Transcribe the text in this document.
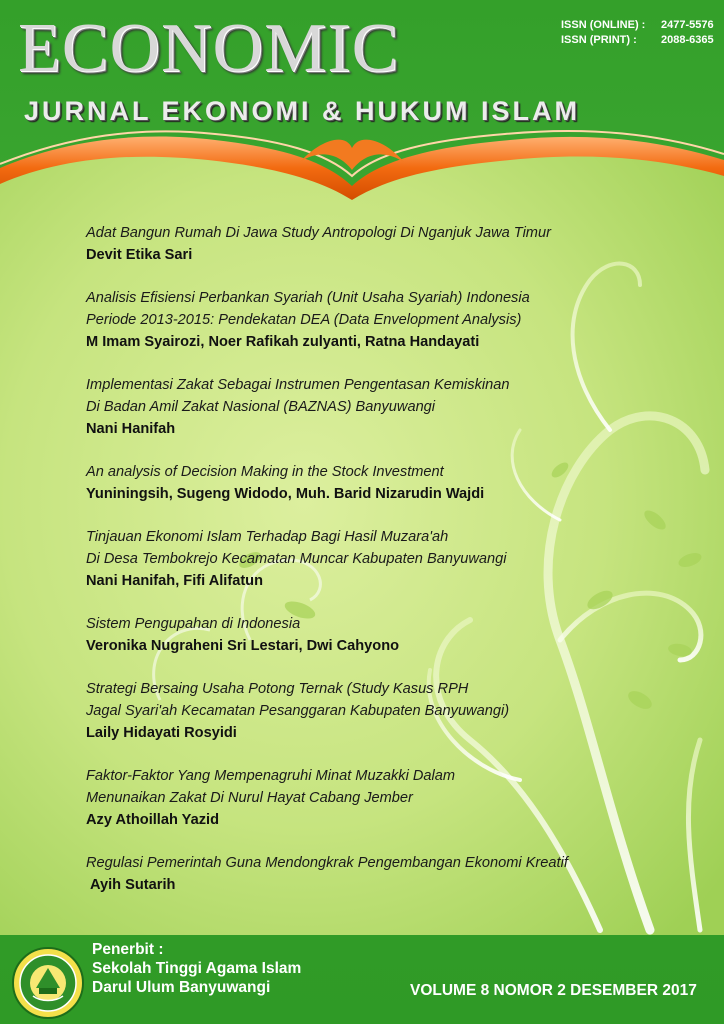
ECONOMIC
JURNAL EKONOMI & HUKUM ISLAM
ISSN (ONLINE) :	2477-5576
ISSN (PRINT) :	2088-6365
Adat Bangun Rumah Di Jawa Study Antropologi Di Nganjuk Jawa Timur
Devit Etika Sari
Analisis Efisiensi Perbankan Syariah (Unit Usaha Syariah) Indonesia
Periode 2013-2015: Pendekatan DEA (Data Envelopment Analysis)
M Imam Syairozi, Noer Rafikah zulyanti, Ratna Handayati
Implementasi Zakat Sebagai Instrumen Pengentasan Kemiskinan
Di Badan Amil Zakat Nasional (BAZNAS) Banyuwangi
Nani Hanifah
An analysis of Decision Making in the Stock Investment
Yuniningsih, Sugeng Widodo, Muh. Barid Nizarudin Wajdi
Tinjauan Ekonomi Islam Terhadap Bagi Hasil Muzara'ah
Di Desa Tembokrejo Kecamatan Muncar Kabupaten Banyuwangi
Nani Hanifah, Fifi Alifatun
Sistem Pengupahan di Indonesia
Veronika Nugraheni Sri Lestari, Dwi Cahyono
Strategi Bersaing Usaha Potong Ternak (Study Kasus RPH
Jagal Syari'ah Kecamatan Pesanggaran Kabupaten Banyuwangi)
Laily Hidayati Rosyidi
Faktor-Faktor Yang Mempenagruhi Minat Muzakki Dalam
Menunaikan Zakat Di Nurul Hayat Cabang Jember
Azy Athoillah Yazid
Regulasi Pemerintah Guna Mendongkrak Pengembangan Ekonomi Kreatif
Ayih Sutarih
Penerbit :
Sekolah Tinggi Agama Islam
Darul Ulum Banyuwangi	VOLUME 8 NOMOR 2 DESEMBER 2017
